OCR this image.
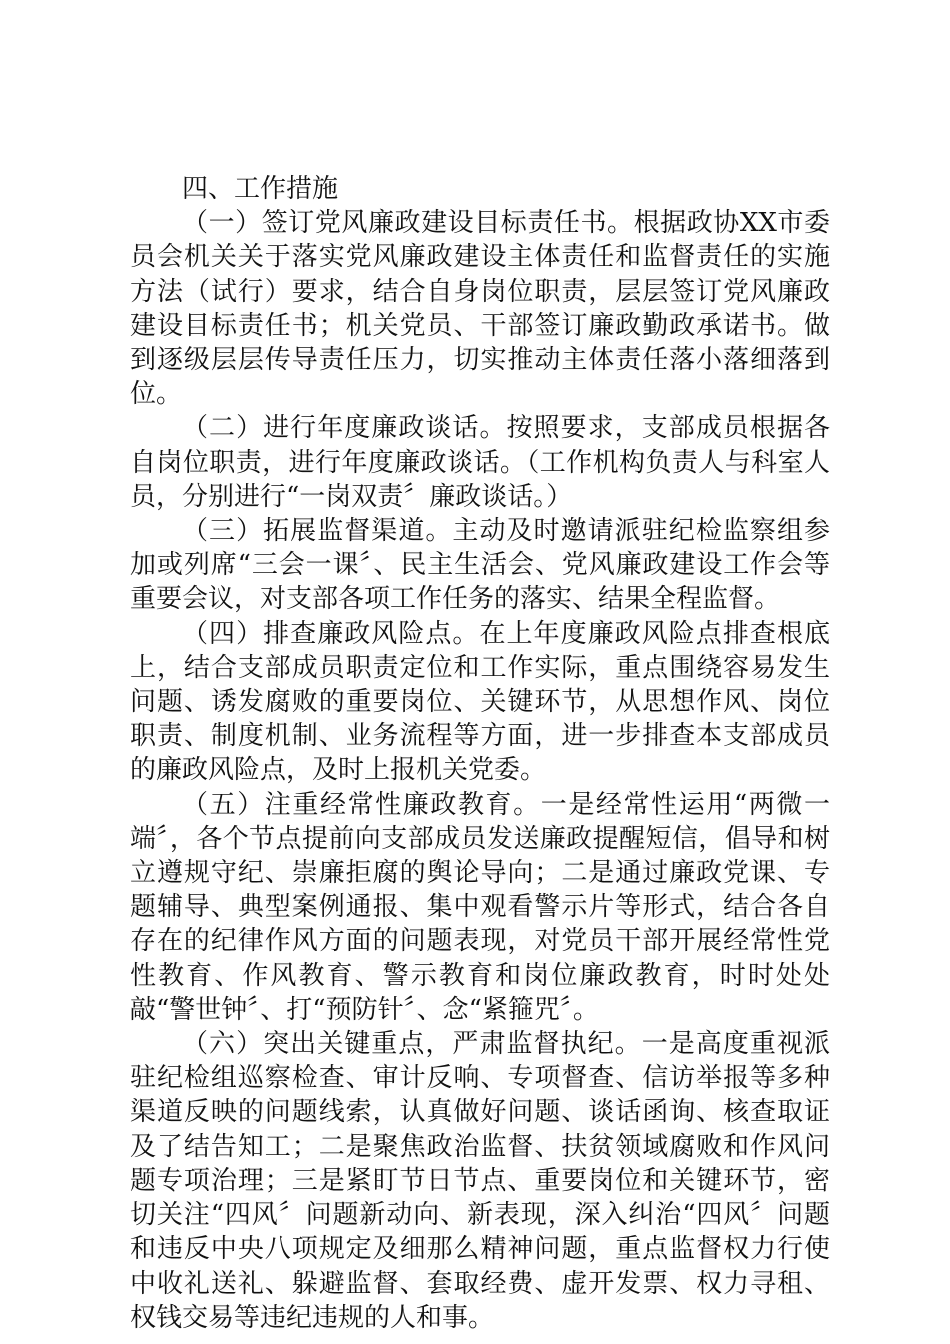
四、工作措施

（一）签订党风廉政建设目标责任书。根据政协XX市委员会机关关于落实党风廉政建设主体责任和监督责任的实施方法（试行）要求，结合自身岗位职责，层层签订党风廉政建设目标责任书；机关党员、干部签订廉政勤政承诺书。做到逐级层层传导责任压力，切实推动主体责任落小落细落到位。

（二）进行年度廉政谈话。按照要求，支部成员根据各自岗位职责，进行年度廉政谈话。（工作机构负责人与科室人员，分别进行“一岗双责〞廉政谈话。）

（三）拓展监督渠道。主动及时邀请派驻纪检监察组参加或列席“三会一课〞、民主生活会、党风廉政建设工作会等重要会议，对支部各项工作任务的落实、结果全程监督。

（四）排查廉政风险点。在上年度廉政风险点排查根底上，结合支部成员职责定位和工作实际，重点围绕容易发生问题、诱发腐败的重要岗位、关键环节，从思想作风、岗位职责、制度机制、业务流程等方面，进一步排查本支部成员的廉政风险点，及时上报机关党委。

（五）注重经常性廉政教育。一是经常性运用“两微一端〞，各个节点提前向支部成员发送廉政提醒短信，倡导和树立遵规守纪、崇廉拒腐的舆论导向；二是通过廉政党课、专题辅导、典型案例通报、集中观看警示片等形式，结合各自存在的纪律作风方面的问题表现，对党员干部开展经常性党性教育、作风教育、警示教育和岗位廉政教育，时时处处敲“警世钟〞、打“预防针〞、念“紧箍咒〞。

（六）突出关键重点，严肃监督执纪。一是高度重视派驻纪检组巡察检查、审计反响、专项督查、信访举报等多种渠道反映的问题线索，认真做好问题、谈话函询、核查取证及了结告知工；二是聚焦政治监督、扶贫领域腐败和作风问题专项治理；三是紧盯节日节点、重要岗位和关键环节，密切关注“四风〞问题新动向、新表现，深入纠治“四风〞问题和违反中央八项规定及细那么精神问题，重点监督权力行使中收礼送礼、躲避监督、套取经费、虚开发票、权力寻租、权钱交易等违纪违规的人和事。
